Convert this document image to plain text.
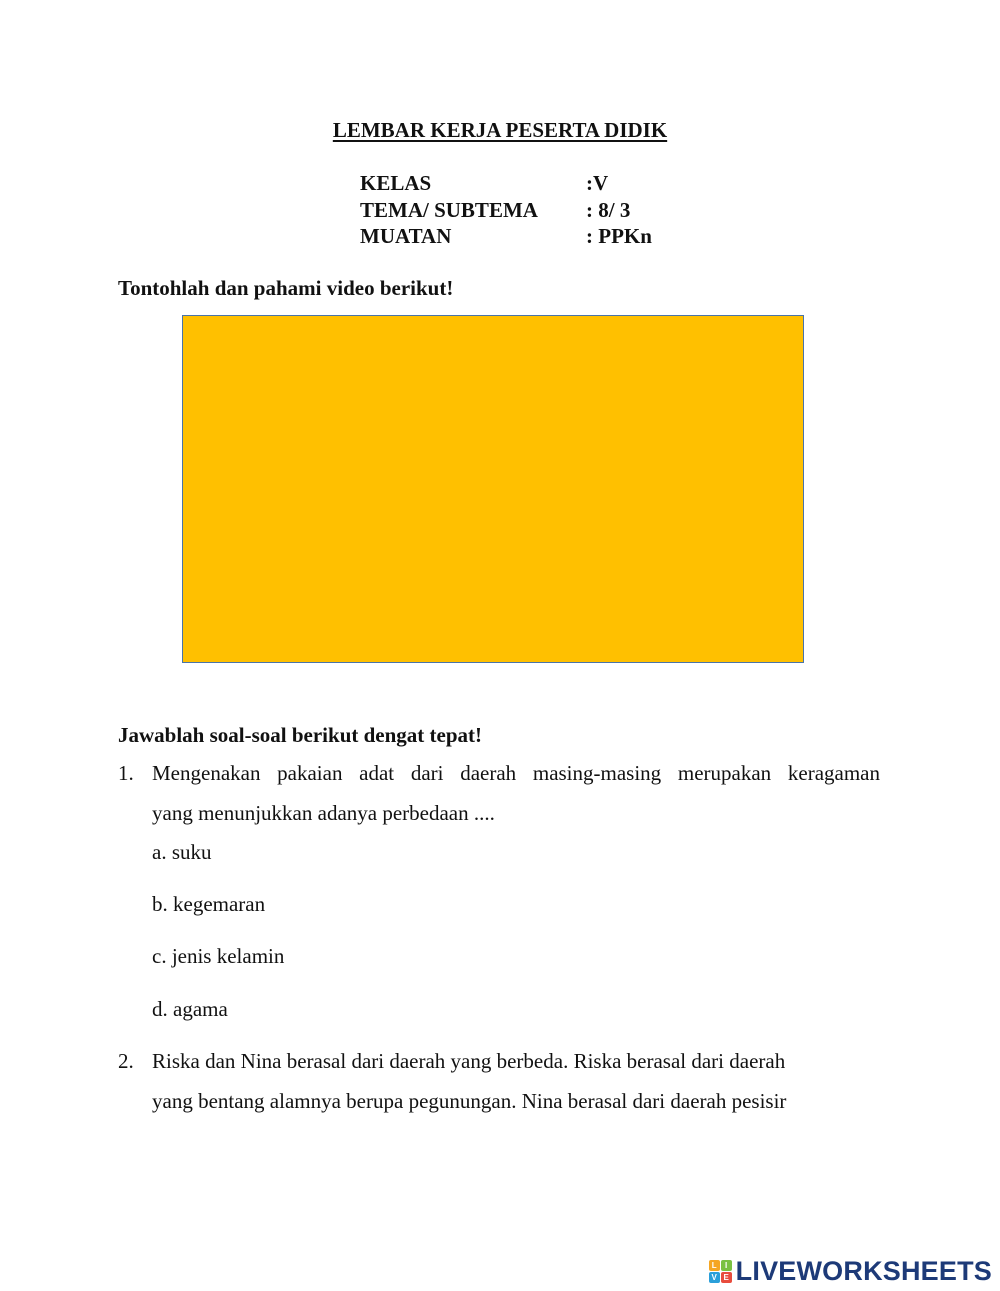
LEMBAR KERJA PESERTA DIDIK
KELAS	:V
TEMA/ SUBTEMA	: 8/ 3
MUATAN	: PPKn
Tontohlah dan pahami video berikut!
Jawablah soal-soal berikut dengat tepat!
1. Mengenakan pakaian adat dari daerah masing-masing merupakan keragaman
yang menunjukkan adanya perbedaan ....
a. suku
b. kegemaran
c. jenis kelamin
d. agama
2. Riska dan Nina berasal dari daerah yang berbeda. Riska berasal dari daerah
yang bentang alamnya berupa pegunungan. Nina berasal dari daerah pesisir
L	I
V E LIVEWORKSHEETS
